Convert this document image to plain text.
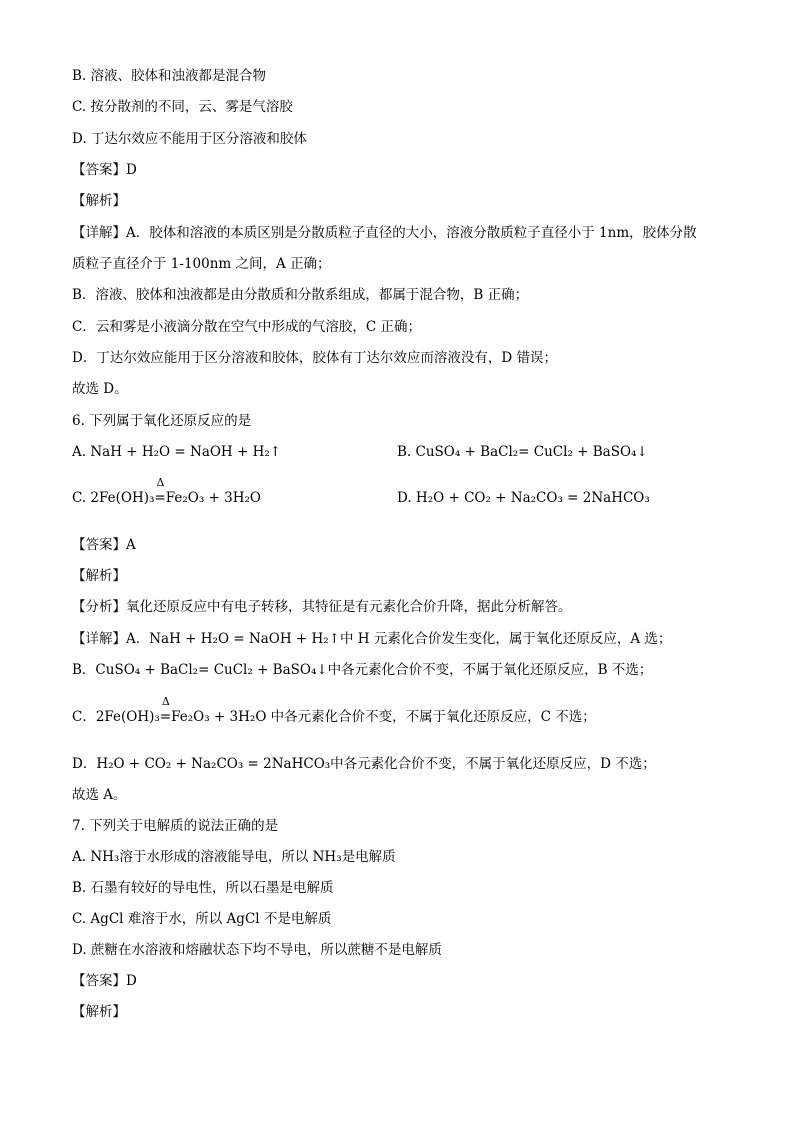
B. 溶液、胶体和浊液都是混合物
C. 按分散剂的不同，云、雾是气溶胶
D. 丁达尔效应不能用于区分溶液和胶体
【答案】D
【解析】
【详解】A．胶体和溶液的本质区别是分散质粒子直径的大小，溶液分散质粒子直径小于 1nm，胶体分散
质粒子直径介于 1-100nm 之间，A 正确；
B．溶液、胶体和浊液都是由分散质和分散系组成，都属于混合物，B 正确；
C．云和雾是小液滴分散在空气中形成的气溶胶，C 正确；
D．丁达尔效应能用于区分溶液和胶体，胶体有丁达尔效应而溶液没有，D 错误；
故选 D。
6. 下列属于氧化还原反应的是
A. NaH + H₂O = NaOH + H₂↑	B. CuSO₄ + BaCl₂= CuCl₂ + BaSO₄↓
C. 2Fe(OH)₃
Δ
=Fe₂O₃ + 3H₂O	D. H₂O + CO₂ + Na₂CO₃ = 2NaHCO₃
【答案】A
【解析】
【分析】氧化还原反应中有电子转移，其特征是有元素化合价升降，据此分析解答。
【详解】A．NaH + H₂O = NaOH + H₂↑中 H 元素化合价发生变化，属于氧化还原反应，A 选；
B．CuSO₄ + BaCl₂= CuCl₂ + BaSO₄↓中各元素化合价不变，不属于氧化还原反应，B 不选；
C．2Fe(OH)₃
Δ
=Fe₂O₃ + 3H₂O 中各元素化合价不变，不属于氧化还原反应，C 不选；
D．H₂O + CO₂ + Na₂CO₃ = 2NaHCO₃中各元素化合价不变，不属于氧化还原反应，D 不选；
故选 A。
7. 下列关于电解质的说法正确的是
A. NH₃溶于水形成的溶液能导电，所以 NH₃是电解质
B. 石墨有较好的导电性，所以石墨是电解质
C. AgCl 难溶于水，所以 AgCl 不是电解质
D. 蔗糖在水溶液和熔融状态下均不导电，所以蔗糖不是电解质
【答案】D
【解析】
